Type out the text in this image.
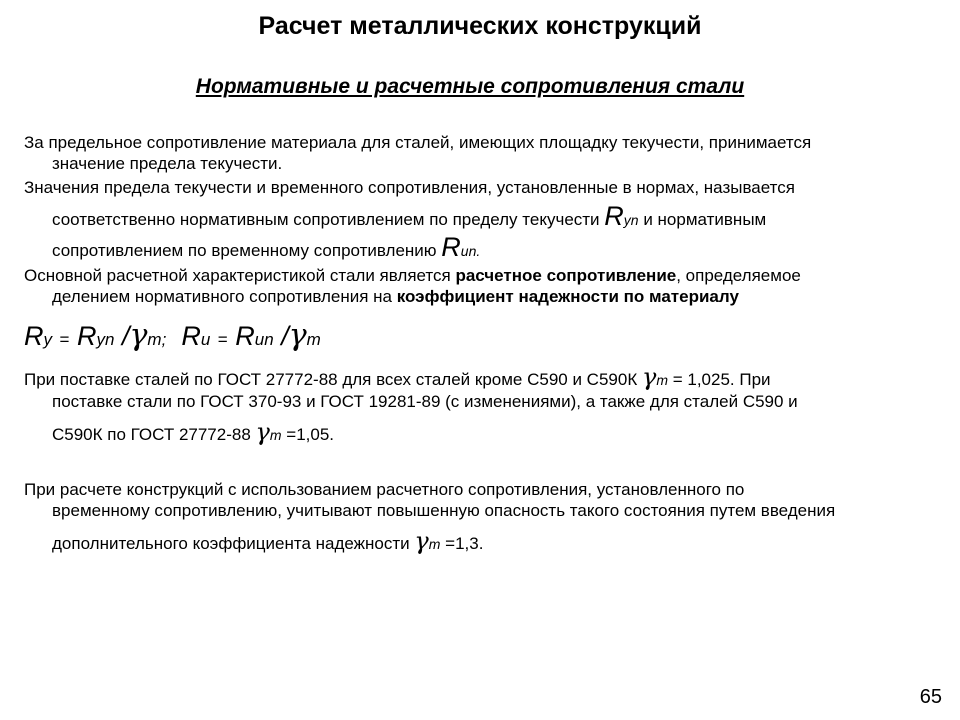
Расчет металлических конструкций
Нормативные и расчетные сопротивления стали
За предельное сопротивление материала для сталей, имеющих площадку текучести, принимается
значение предела текучести.
Значения предела текучести и временного сопротивления, установленные в нормах, называется
соответственно нормативным сопротивлением по пределу текучести Ryn и нормативным
сопротивлением по временному сопротивлению Run.
Основной расчетной характеристикой стали является расчетное сопротивление, определяемое
делением нормативного сопротивления на коэффициент надежности по материалу
Ry = Ryn /γm; Ru = Run /γm
При поставке сталей по ГОСТ 27772-88 для всех сталей кроме С590 и С590К γm = 1,025. При
поставке стали по ГОСТ 370-93 и ГОСТ 19281-89 (с изменениями), а также для сталей С590 и
С590К по ГОСТ 27772-88 γm =1,05.
При расчете конструкций с использованием расчетного сопротивления, установленного по
временному сопротивлению, учитывают повышенную опасность такого состояния путем введения
дополнительного коэффициента надежности γm =1,3.
65
